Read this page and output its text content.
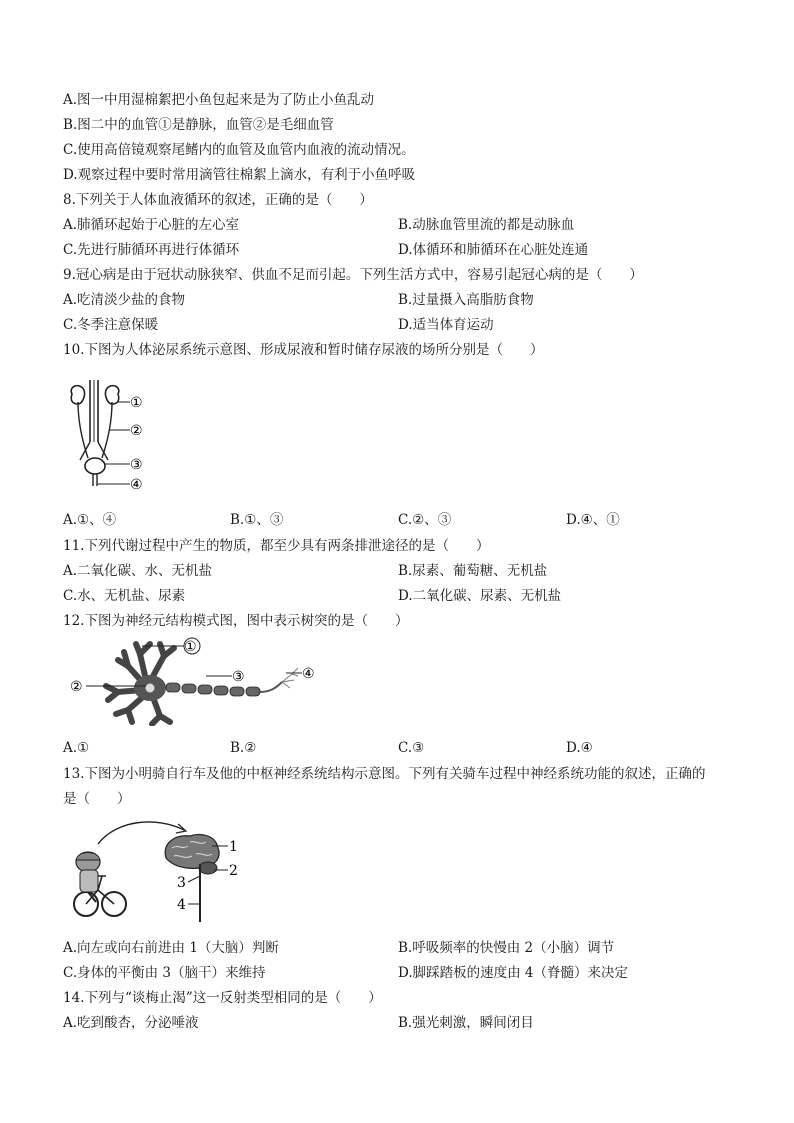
A.图一中用湿棉絮把小鱼包起来是为了防止小鱼乱动
B.图二中的血管①是静脉，血管②是毛细血管
C.使用高倍镜观察尾鳍内的血管及血管内血液的流动情况。
D.观察过程中要时常用滴管往棉絮上滴水，有利于小鱼呼吸
8.下列关于人体血液循环的叙述，正确的是（　　）
A.肺循环起始于心脏的左心室	B.动脉血管里流的都是动脉血
C.先进行肺循环再进行体循环	D.体循环和肺循环在心脏处连通
9.冠心病是由于冠状动脉狭窄、供血不足而引起。下列生活方式中，容易引起冠心病的是（　　）
A.吃清淡少盐的食物	B.过量摄入高脂肪食物
C.冬季注意保暖	D.适当体育运动
10.下图为人体泌尿系统示意图、形成尿液和暂时储存尿液的场所分别是（　　）
①
②
③
④
A.①、④	B.①、③	C.②、③	D.④、①
11.下列代谢过程中产生的物质，都至少具有两条排泄途径的是（　　）
A.二氧化碳、水、无机盐	B.尿素、葡萄糖、无机盐
C.水、无机盐、尿素	D.二氧化碳、尿素、无机盐
12.下图为神经元结构模式图，图中表示树突的是（　　）
①
②
③	④
A.①	B.②	C.③	D.④
13.下图为小明骑自行车及他的中枢神经系统结构示意图。下列有关骑车过程中神经系统功能的叙述，正确的
是（　　）
1
2
3
4
A.向左或向右前进由 1（大脑）判断	B.呼吸频率的快慢由 2（小脑）调节
C.身体的平衡由 3（脑干）来维持	D.脚踩踏板的速度由 4（脊髓）来决定
14.下列与“谈梅止渴”这一反射类型相同的是（　　）
A.吃到酸杏，分泌唾液	B.强光刺激，瞬间闭目
